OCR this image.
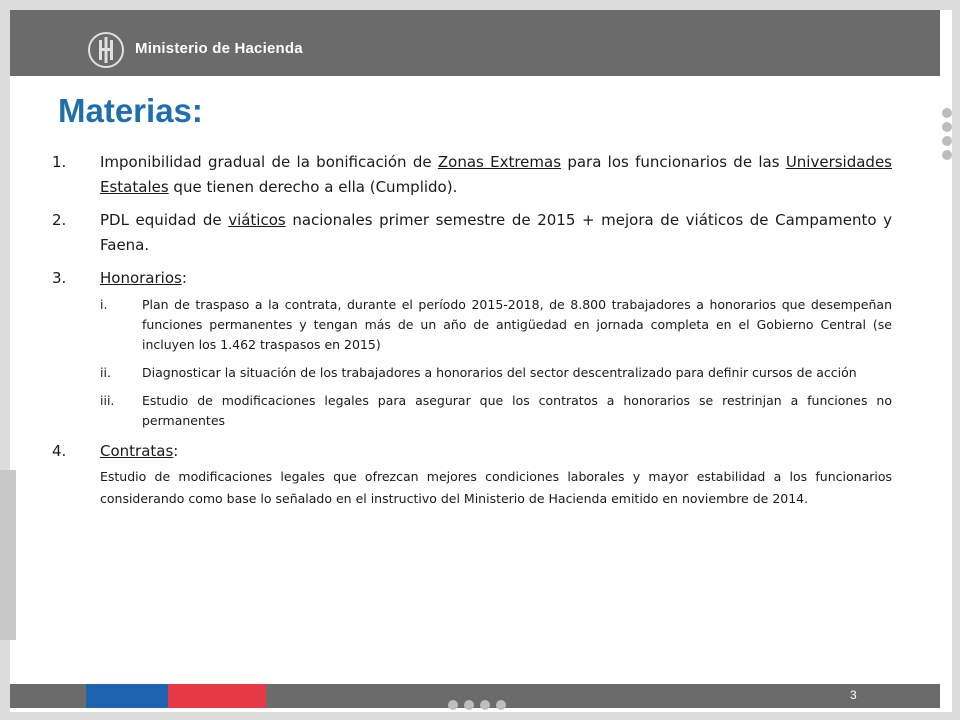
Ministerio de Hacienda
Materias:
1.	Imponibilidad gradual de la bonificación de Zonas Extremas para los funcionarios de las Universidades Estatales que tienen derecho a ella (Cumplido).
2.	PDL equidad de viáticos nacionales primer semestre de 2015 + mejora de viáticos de Campamento y Faena.
3.	Honorarios:
i.	Plan de traspaso a la contrata, durante el período 2015-2018, de 8.800 trabajadores a honorarios que desempeñan funciones permanentes y tengan más de un año de antigüedad en jornada completa en el Gobierno Central (se incluyen los 1.462 traspasos en 2015)
ii.	Diagnosticar la situación de los trabajadores a honorarios del sector descentralizado para definir cursos de acción
iii.	Estudio de modificaciones legales para asegurar que los contratos a honorarios se restrinjan a funciones no permanentes
4.	Contratas:
Estudio de modificaciones legales que ofrezcan mejores condiciones laborales y mayor estabilidad a los funcionarios considerando como base lo señalado en el instructivo del Ministerio de Hacienda emitido en noviembre de 2014.
3
